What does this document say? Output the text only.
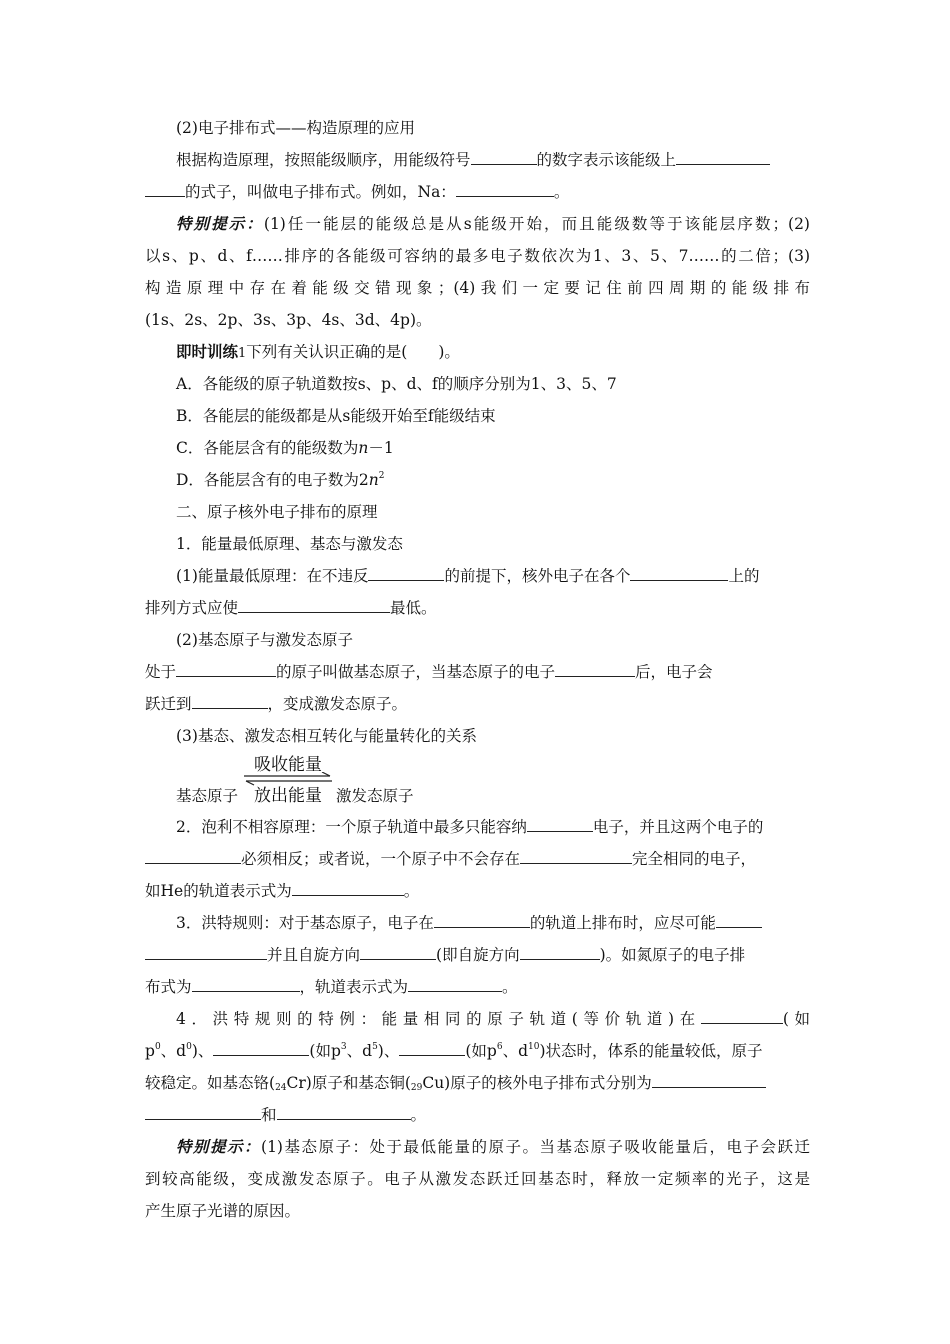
(2)电子排布式——构造原理的应用
根据构造原理，按照能级顺序，用能级符号	的数字表示该能级上
的式子，叫做电子排布式。例如，Na：	。
特别提示：(1)任一能层的能级总是从s能级开始，而且能级数等于该能层序数；(2)
以s、p、d、f……排序的各能级可容纳的最多电子数依次为1、3、5、7……的二倍；(3)
构造原理中存在着能级交错现象；(4)我们一定要记住前四周期的能级排布
(1s、2s、2p、3s、3p、4s、3d、4p)。
即时训练1下列有关认识正确的是(　　)。
A．各能级的原子轨道数按s、p、d、f的顺序分别为1、3、5、7
B．各能层的能级都是从s能级开始至f能级结束
C．各能层含有的能级数为n－1
D．各能层含有的电子数为$2n^2$
二、原子核外电子排布的原理
1．能量最低原理、基态与激发态
(1)能量最低原理：在不违反	的前提下，核外电子在各个	上的
排列方式应使	最低。
(2)基态原子与激发态原子
处于	的原子叫做基态原子，当基态原子的电子	后，电子会
跃迁到	，变成激发态原子。
(3)基态、激发态相互转化与能量转化的关系
基态原子
吸收能量
放出能量 激发态原子
2．泡利不相容原理：一个原子轨道中最多只能容纳	电子，并且这两个电子的
必须相反；或者说，一个原子中不会存在	完全相同的电子，
如He的轨道表示式为	。
3．洪特规则：对于基态原子，电子在	的轨道上排布时，应尽可能
并且自旋方向	(即自旋方向	)。如氮原子的电子排
布式为	，轨道表示式为	。
4．洪特规则的特例：能量相同的原子轨道(等价轨道)在	(如
$p^0$、$d^0$)、	(如$p^3$、$d^5$)、	(如$p^6$、$d^{10}$)状态时，体系的能量较低，原子
较稳定。如基态铬$(_{24}Cr)$原子和基态铜$(_{29}Cu)$原子的核外电子排布式分别为
和	。
特别提示：(1)基态原子：处于最低能量的原子。当基态原子吸收能量后，电子会跃迁
到较高能级，变成激发态原子。电子从激发态跃迁回基态时，释放一定频率的光子，这是
产生原子光谱的原因。
